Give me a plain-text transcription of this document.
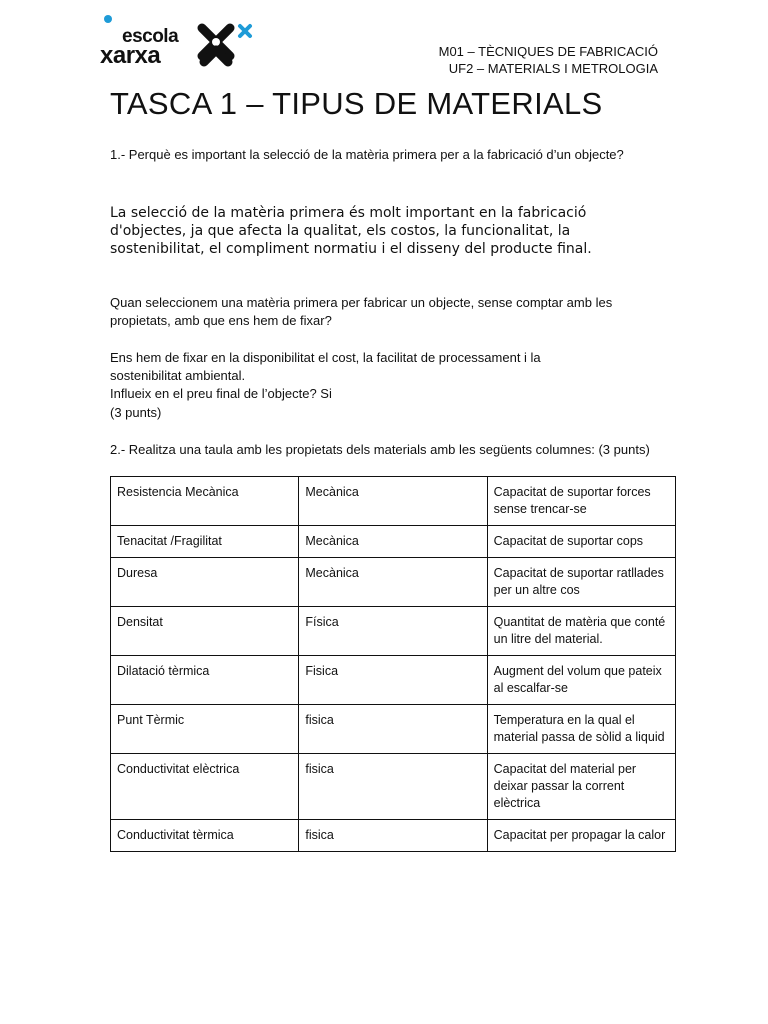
escola
xarxa	M01 – TÈCNIQUES DE FABRICACIÓ
UF2 – MATERIALS I METROLOGIA
TASCA 1 – TIPUS DE MATERIALS
1.- Perquè es important la selecció de la matèria primera per a la fabricació d’un objecte?
La selecció de la matèria primera és molt important en la fabricació d'objectes, ja que afecta la qualitat, els costos, la funcionalitat, la sostenibilitat, el compliment normatiu i el disseny del producte final.
Quan seleccionem una matèria primera per fabricar un objecte, sense comptar amb les propietats, amb que ens hem de fixar?
Ens hem de fixar en la disponibilitat el cost, la facilitat de processament i la sostenibilitat ambiental.
Influeix en el preu final de l’objecte? Si
(3 punts)
2.- Realitza una taula amb les propietats dels materials amb les següents columnes: (3 punts)
Resistencia Mecànica	Mecànica	Capacitat de suportar forces sense trencar-se
Tenacitat /Fragilitat	Mecànica	Capacitat de suportar cops
Duresa	Mecànica	Capacitat de suportar ratllades per un altre cos
Densitat	Física	Quantitat de matèria que conté un litre del material.
Dilatació tèrmica	Fisica	Augment del volum que pateix al escalfar-se
Punt Tèrmic	fisica	Temperatura en la qual el material passa de sòlid a liquid
Conductivitat elèctrica	fisica	Capacitat del material per deixar passar la corrent elèctrica
Conductivitat tèrmica	fisica	Capacitat per propagar la calor
